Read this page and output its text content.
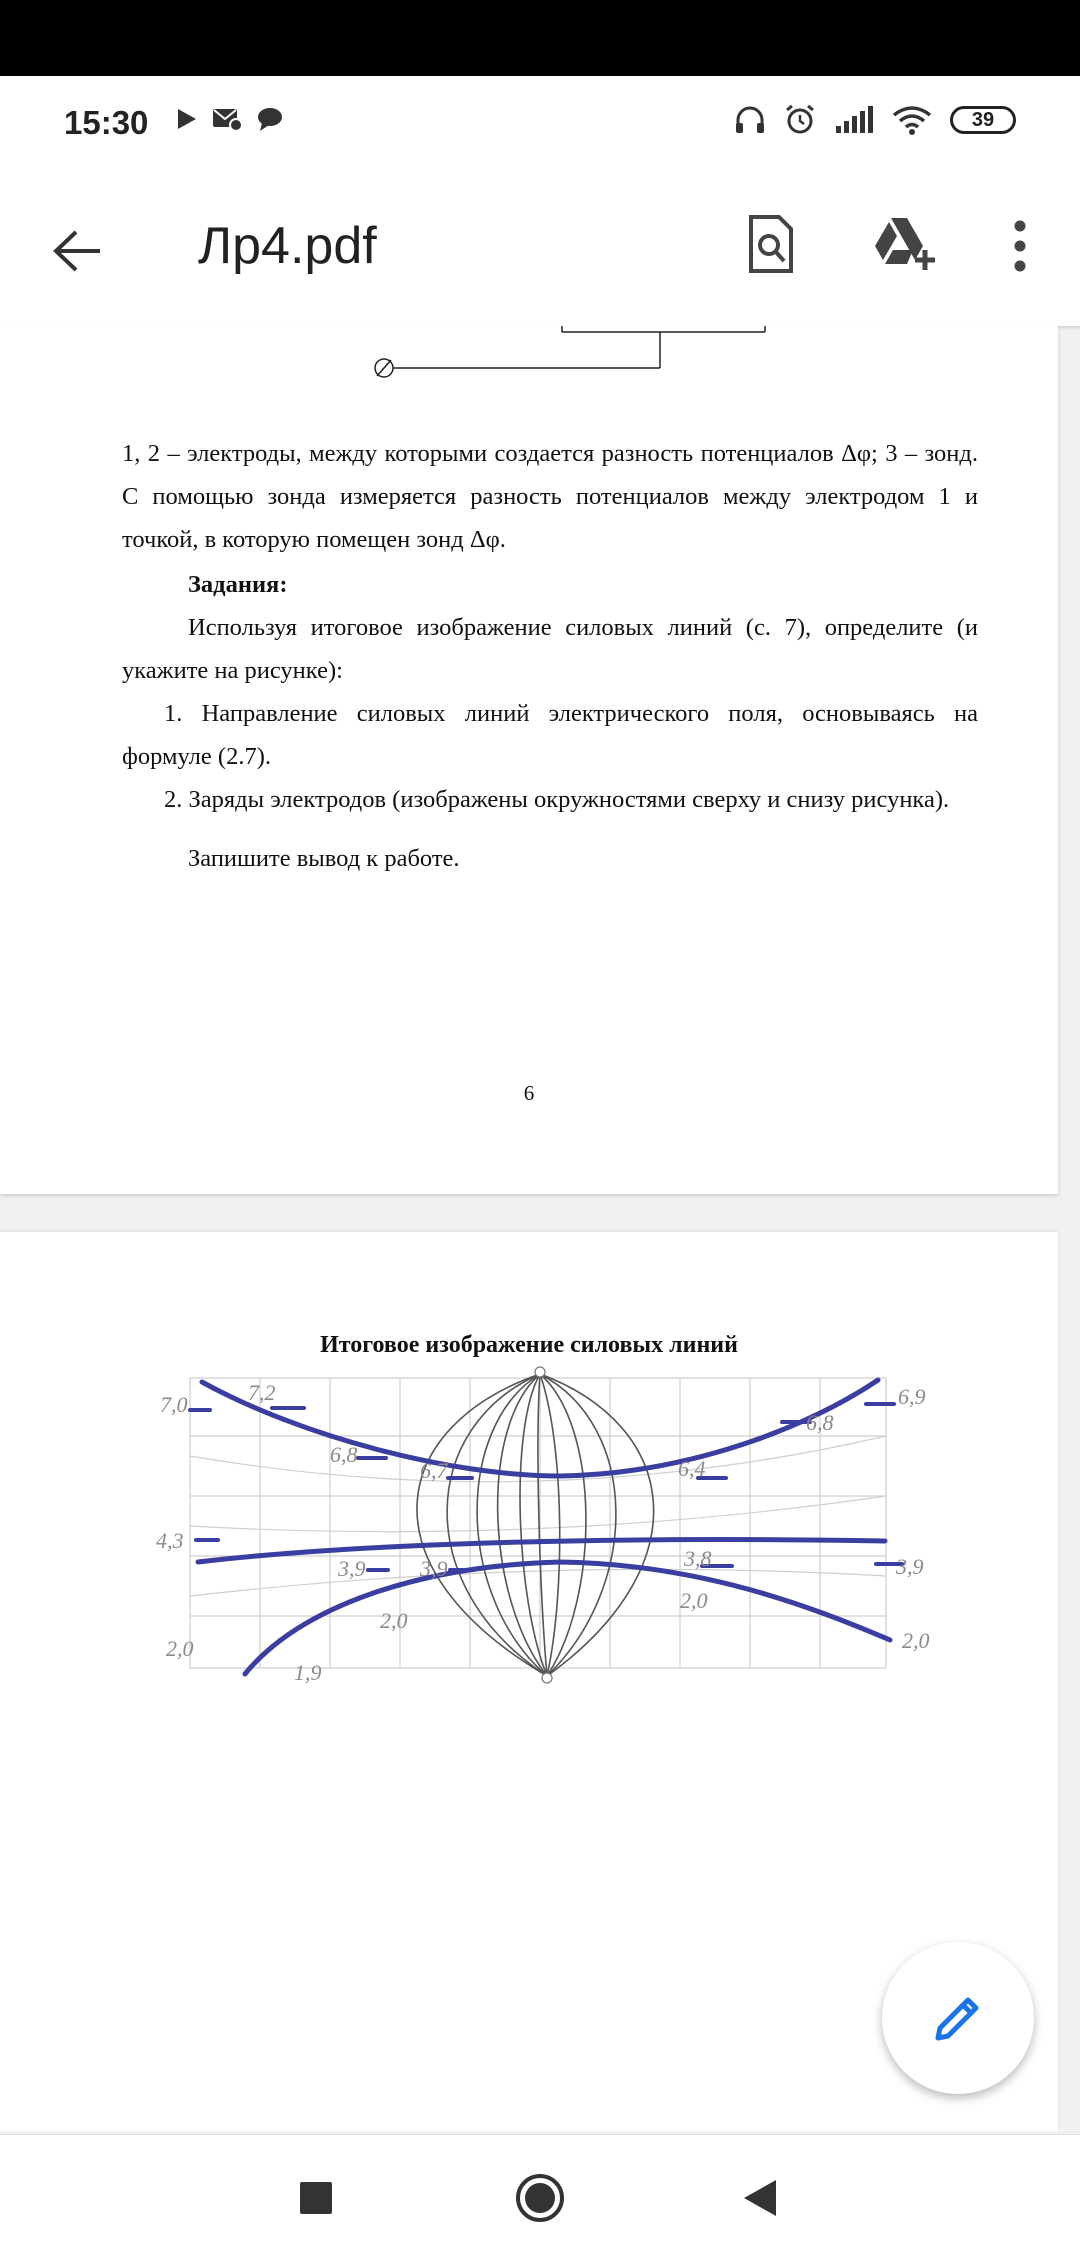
15:30	39
Лр4.pdf

1, 2 – электроды, между которыми создается разность потенциалов Δφ; 3 – зонд. С помощью зонда измеряется разность потенциалов между электродом 1 и точкой, в которую помещен зонд Δφ.

Задания:

Используя итоговое изображение силовых линий (с. 7), определите (и укажите на рисунке):

1. Направление силовых линий электрического поля, основываясь на формуле (2.7).

2. Заряды электродов (изображены окружностями сверху и снизу рисунка).

Запишите вывод к работе.

6
Итоговое изображение силовых линий
7,0	7,2
6,8
6,7	6,4
6,8
6,9
4,3
3,9 3,9	3,8	3,9
2,0
2,0
2,0
2,0
1,9
